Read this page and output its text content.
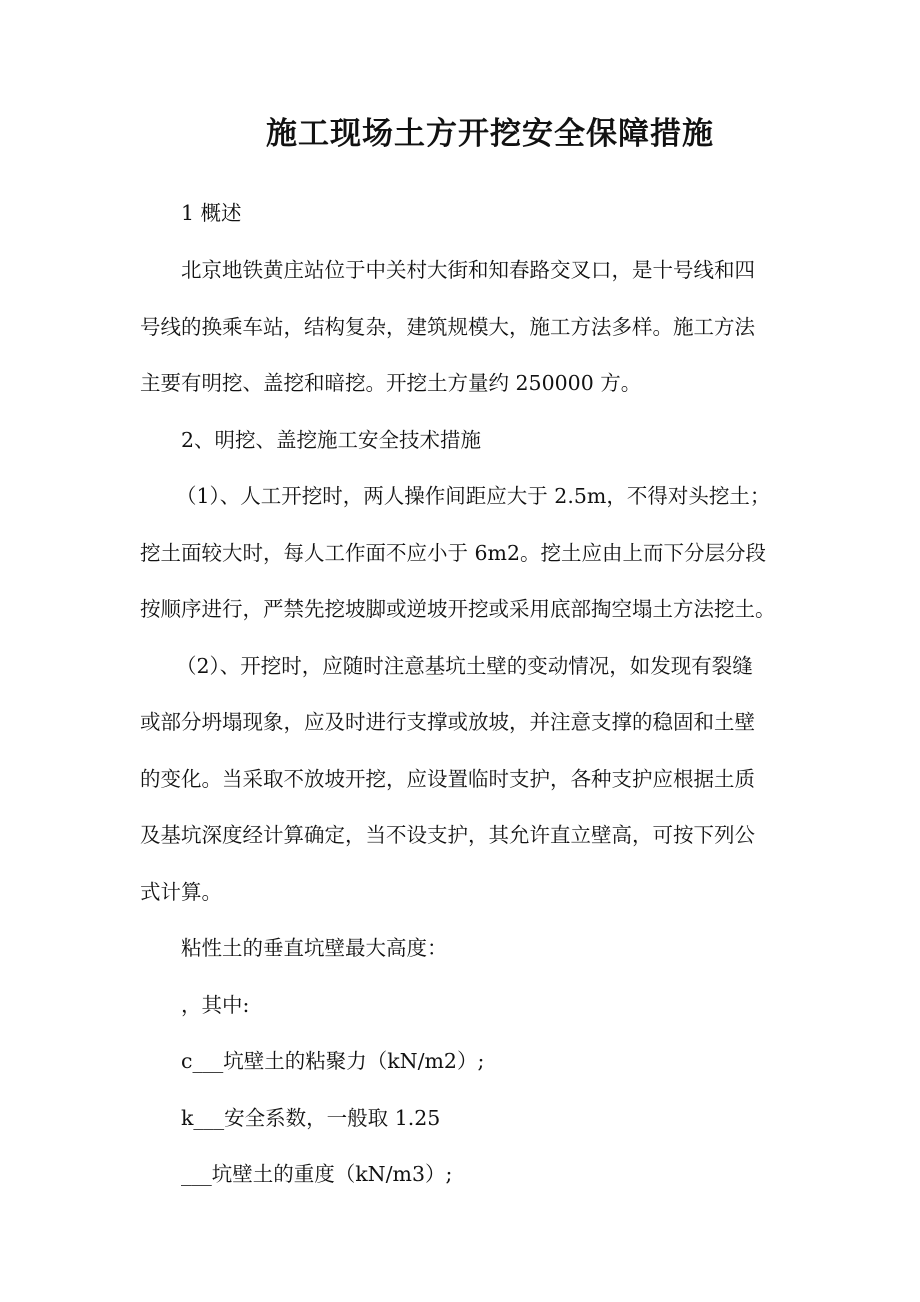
施工现场土方开挖安全保障措施

1 概述

北京地铁黄庄站位于中关村大街和知春路交叉口，是十号线和四

号线的换乘车站，结构复杂，建筑规模大，施工方法多样。施工方法

主要有明挖、盖挖和暗挖。开挖土方量约 250000 方。

2、明挖、盖挖施工安全技术措施

（1）、人工开挖时，两人操作间距应大于 2.5m，不得对头挖土；

挖土面较大时，每人工作面不应小于 6m2。挖土应由上而下分层分段

按顺序进行，严禁先挖坡脚或逆坡开挖或采用底部掏空塌土方法挖土。

（2）、开挖时，应随时注意基坑土壁的变动情况，如发现有裂缝

或部分坍塌现象，应及时进行支撑或放坡，并注意支撑的稳固和土壁

的变化。当采取不放坡开挖，应设置临时支护，各种支护应根据土质

及基坑深度经计算确定，当不设支护，其允许直立壁高，可按下列公

式计算。

粘性土的垂直坑壁最大高度：

，其中:

c___坑壁土的粘聚力（kN/m2）;

k___安全系数，一般取 1.25

___坑壁土的重度（kN/m3）;
